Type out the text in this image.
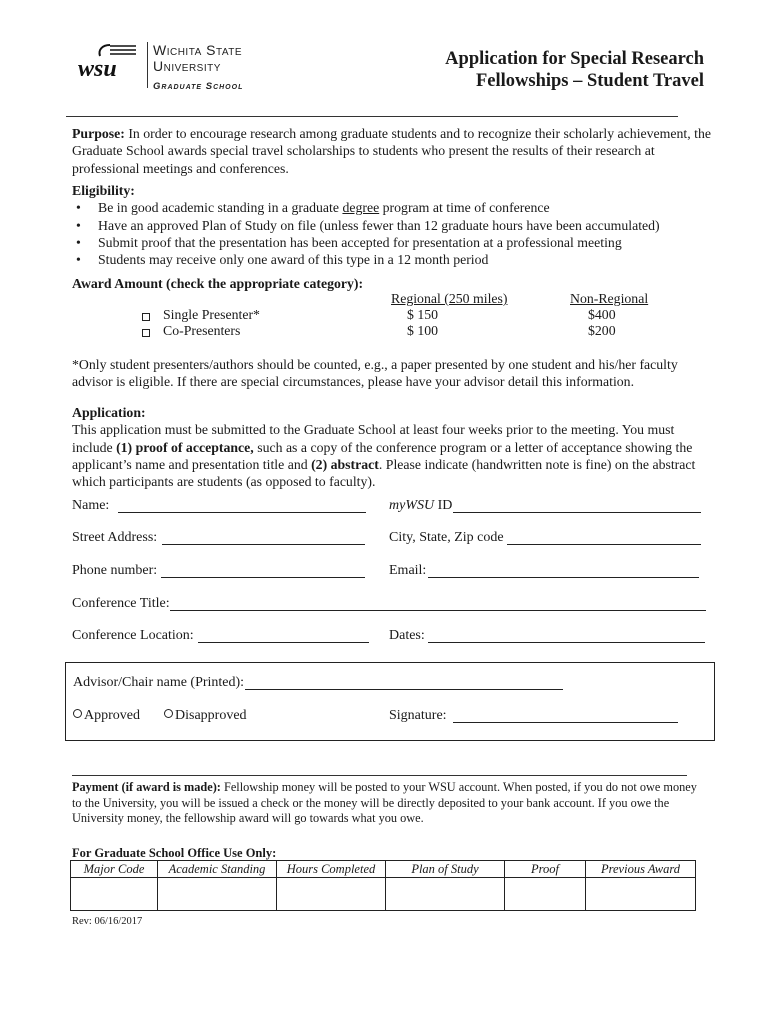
wsu
Wichita State
University
Graduate School
Application for Special Research
Fellowships – Student Travel
Purpose: In order to encourage research among graduate students and to recognize their scholarly achievement, the Graduate School awards special travel scholarships to students who present the results of their research at professional meetings and conferences.
Eligibility:
• Be in good academic standing in a graduate degree program at time of conference
• Have an approved Plan of Study on file (unless fewer than 12 graduate hours have been accumulated)
• Submit proof that the presentation has been accepted for presentation at a professional meeting
• Students may receive only one award of this type in a 12 month period
Award Amount (check the appropriate category):
Regional (250 miles)	Non-Regional
Single Presenter*	$ 150	$400
Co-Presenters	$ 100	$200
*Only student presenters/authors should be counted, e.g., a paper presented by one student and his/her faculty advisor is eligible. If there are special circumstances, please have your advisor detail this information.
Application:
This application must be submitted to the Graduate School at least four weeks prior to the meeting. You must include (1) proof of acceptance, such as a copy of the conference program or a letter of acceptance showing the applicant’s name and presentation title and (2) abstract. Please indicate (handwritten note is fine) on the abstract which participants are students (as opposed to faculty).
Name:	myWSU ID
Street Address:	City, State, Zip code
Phone number:	Email:
Conference Title:
Conference Location:	Dates:
Advisor/Chair name (Printed):
Approved	Disapproved	Signature:
Payment (if award is made): Fellowship money will be posted to your WSU account. When posted, if you do not owe money to the University, you will be issued a check or the money will be directly deposited to your bank account. If you owe the University money, the fellowship award will go towards what you owe.
For Graduate School Office Use Only:
Major Code	Academic Standing	Hours Completed	Plan of Study	Proof	Previous Award

Rev: 06/16/2017
